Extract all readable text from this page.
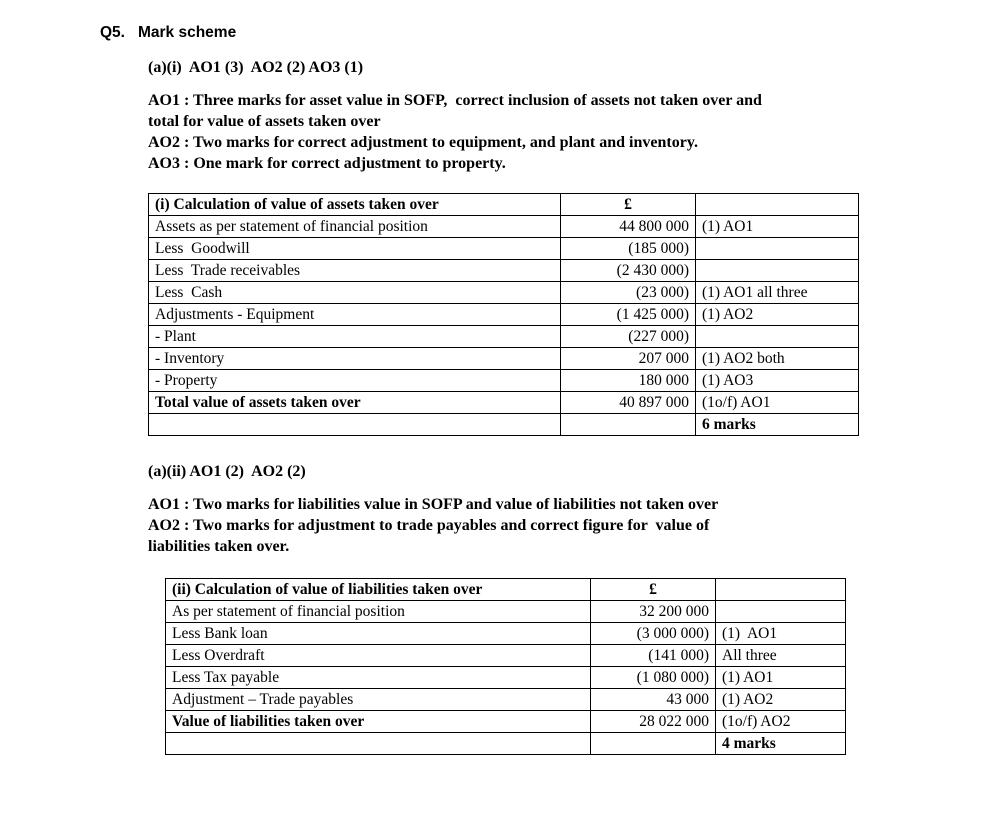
Q5. Mark scheme
(a)(i)  AO1 (3)  AO2 (2) AO3 (1)
AO1 : Three marks for asset value in SOFP,  correct inclusion of assets not taken over and
total for value of assets taken over
AO2 : Two marks for correct adjustment to equipment, and plant and inventory.
AO3 : One mark for correct adjustment to property.
(i) Calculation of value of assets taken over	£	
Assets as per statement of financial position	44 800 000	(1) AO1
Less  Goodwill	(185 000)	
Less  Trade receivables	(2 430 000)	
Less  Cash	(23 000)	(1) AO1 all three
Adjustments - Equipment	(1 425 000)	(1) AO2
- Plant	(227 000)	
- Inventory	207 000	(1) AO2 both
- Property	180 000	(1) AO3
Total value of assets taken over	40 897 000	(1o/f) AO1
		6 marks
(a)(ii) AO1 (2)  AO2 (2)
AO1 : Two marks for liabilities value in SOFP and value of liabilities not taken over
AO2 : Two marks for adjustment to trade payables and correct figure for  value of
liabilities taken over.
(ii) Calculation of value of liabilities taken over	£	
As per statement of financial position	32 200 000	
Less Bank loan	(3 000 000)	(1)  AO1
Less Overdraft	(141 000)	All three
Less Tax payable	(1 080 000)	(1) AO1
Adjustment – Trade payables	43 000	(1) AO2
Value of liabilities taken over	28 022 000	(1o/f) AO2
		4 marks
